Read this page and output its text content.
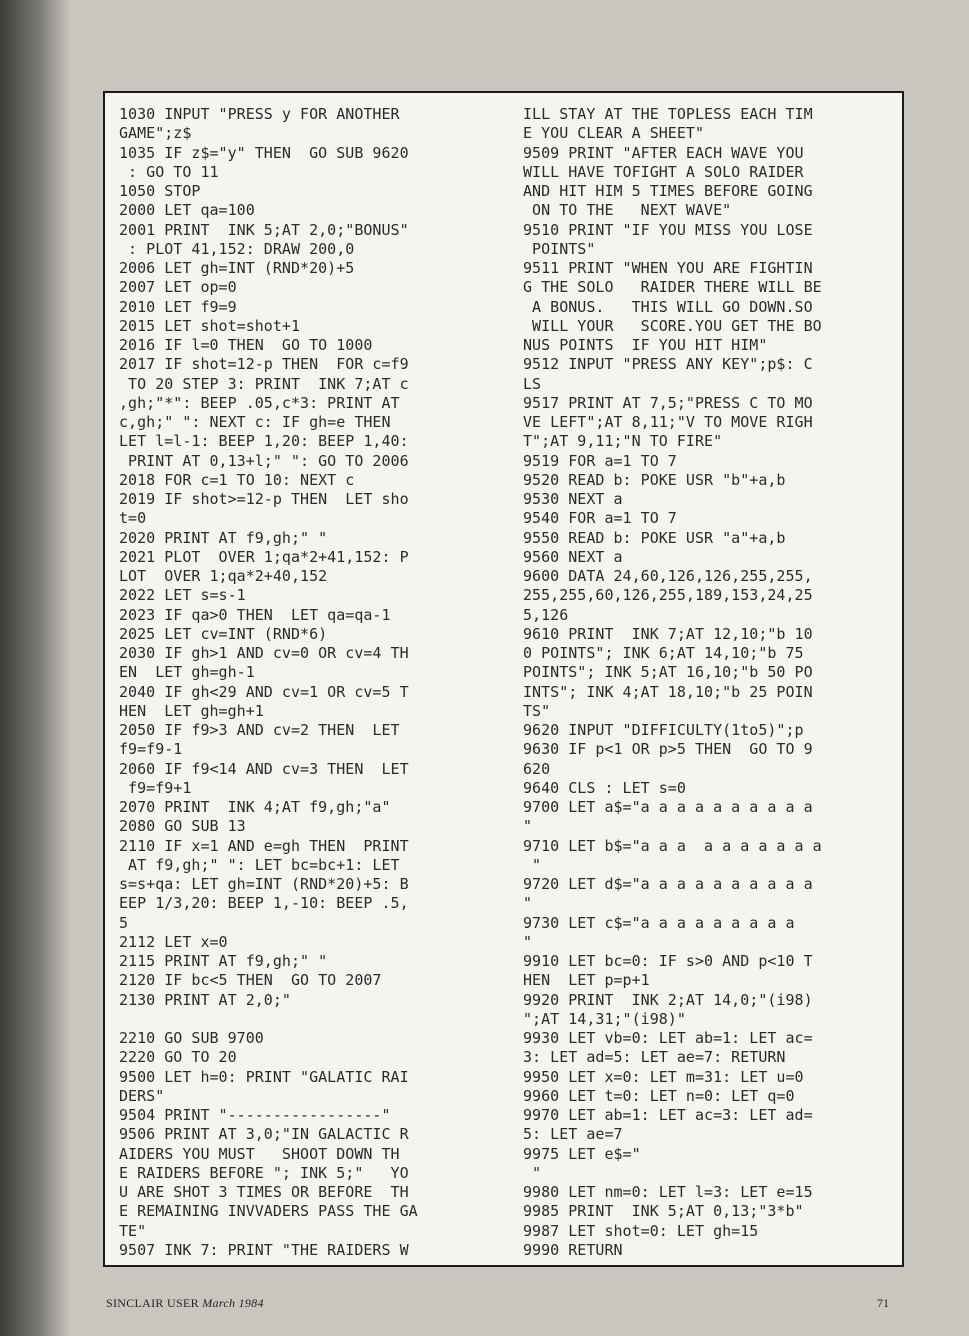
1030 INPUT "PRESS y FOR ANOTHER
GAME";z$
1035 IF z$="y" THEN  GO SUB 9620
: GO TO 11
1050 STOP
2000 LET qa=100
2001 PRINT  INK 5;AT 2,0;"BONUS"
: PLOT 41,152: DRAW 200,0
2006 LET gh=INT (RND*20)+5
2007 LET op=0
2010 LET f9=9
2015 LET shot=shot+1
2016 IF l=0 THEN  GO TO 1000
2017 IF shot=12-p THEN  FOR c=f9
TO 20 STEP 3: PRINT  INK 7;AT c
,gh;"*": BEEP .05,c*3: PRINT AT
c,gh;" ": NEXT c: IF gh=e THEN
LET l=l-1: BEEP 1,20: BEEP 1,40:
PRINT AT 0,13+l;" ": GO TO 2006
2018 FOR c=1 TO 10: NEXT c
2019 IF shot>=12-p THEN  LET sho
t=0
2020 PRINT AT f9,gh;" "
2021 PLOT  OVER 1;qa*2+41,152: P
LOT  OVER 1;qa*2+40,152
2022 LET s=s-1
2023 IF qa>0 THEN  LET qa=qa-1
2025 LET cv=INT (RND*6)
2030 IF gh>1 AND cv=0 OR cv=4 TH
EN  LET gh=gh-1
2040 IF gh<29 AND cv=1 OR cv=5 T
HEN  LET gh=gh+1
2050 IF f9>3 AND cv=2 THEN  LET
f9=f9-1
2060 IF f9<14 AND cv=3 THEN  LET
f9=f9+1
2070 PRINT  INK 4;AT f9,gh;"a"
2080 GO SUB 13
2110 IF x=1 AND e=gh THEN  PRINT
AT f9,gh;" ": LET bc=bc+1: LET
s=s+qa: LET gh=INT (RND*20)+5: B
EEP 1/3,20: BEEP 1,-10: BEEP .5,
5
2112 LET x=0
2115 PRINT AT f9,gh;" "
2120 IF bc<5 THEN  GO TO 2007
2130 PRINT AT 2,0;"
2210 GO SUB 9700
2220 GO TO 20
9500 LET h=0: PRINT "GALATIC RAI
DERS"
9504 PRINT "-----------------"
9506 PRINT AT 3,0;"IN GALACTIC R
AIDERS YOU MUST   SHOOT DOWN TH
E RAIDERS BEFORE "; INK 5;"   YO
U ARE SHOT 3 TIMES OR BEFORE  TH
E REMAINING INVVADERS PASS THE GA
TE"
9507 INK 7: PRINT "THE RAIDERS W
ILL STAY AT THE TOPLESS EACH TIM
E YOU CLEAR A SHEET"
9509 PRINT "AFTER EACH WAVE YOU
WILL HAVE TOFIGHT A SOLO RAIDER
AND HIT HIM 5 TIMES BEFORE GOING
ON TO THE   NEXT WAVE"
9510 PRINT "IF YOU MISS YOU LOSE
POINTS"
9511 PRINT "WHEN YOU ARE FIGHTIN
G THE SOLO   RAIDER THERE WILL BE
A BONUS.   THIS WILL GO DOWN.SO
WILL YOUR   SCORE.YOU GET THE BO
NUS POINTS  IF YOU HIT HIM"
9512 INPUT "PRESS ANY KEY";p$: C
LS
9517 PRINT AT 7,5;"PRESS C TO MO
VE LEFT";AT 8,11;"V TO MOVE RIGH
T";AT 9,11;"N TO FIRE"
9519 FOR a=1 TO 7
9520 READ b: POKE USR "b"+a,b
9530 NEXT a
9540 FOR a=1 TO 7
9550 READ b: POKE USR "a"+a,b
9560 NEXT a
9600 DATA 24,60,126,126,255,255,
255,255,60,126,255,189,153,24,25
5,126
9610 PRINT  INK 7;AT 12,10;"b 10
0 POINTS"; INK 6;AT 14,10;"b 75
POINTS"; INK 5;AT 16,10;"b 50 PO
INTS"; INK 4;AT 18,10;"b 25 POIN
TS"
9620 INPUT "DIFFICULTY(1to5)";p
9630 IF p<1 OR p>5 THEN  GO TO 9
620
9640 CLS : LET s=0
9700 LET a$="a a a a a a a a a a
"
9710 LET b$="a a a  a a a a a a a
"
9720 LET d$="a a a a a a a a a a
"
9730 LET c$="a a a a a a a a a
"
9910 LET bc=0: IF s>0 AND p<10 T
HEN  LET p=p+1
9920 PRINT  INK 2;AT 14,0;"(i98)
";AT 14,31;"(i98)"
9930 LET vb=0: LET ab=1: LET ac=
3: LET ad=5: LET ae=7: RETURN
9950 LET x=0: LET m=31: LET u=0
9960 LET t=0: LET n=0: LET q=0
9970 LET ab=1: LET ac=3: LET ad=
5: LET ae=7
9975 LET e$="
"
9980 LET nm=0: LET l=3: LET e=15
9985 PRINT  INK 5;AT 0,13;"3*b"
9987 LET shot=0: LET gh=15
9990 RETURN
SINCLAIR USER March 1984	71
